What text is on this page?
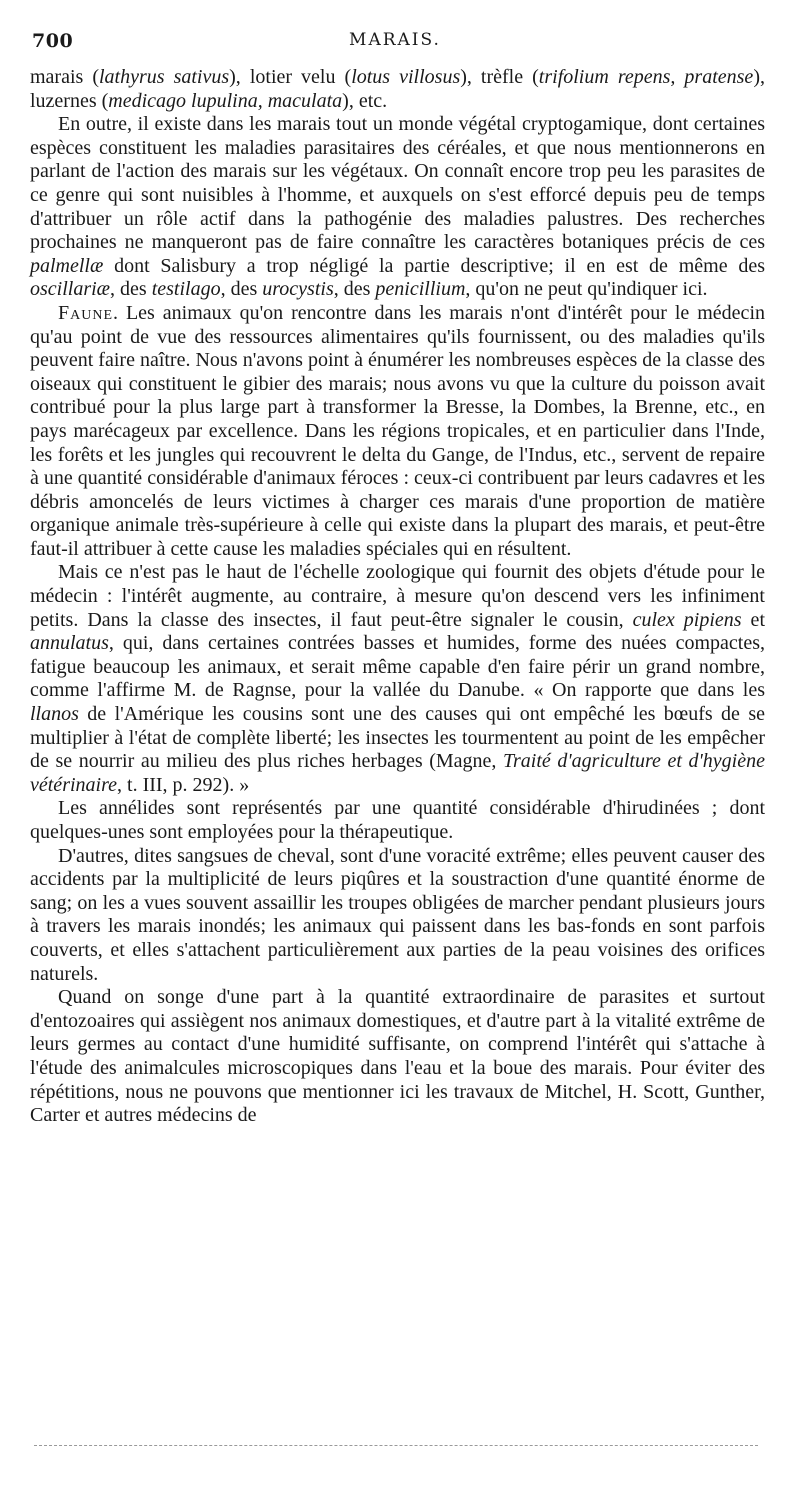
700	MARAIS.

marais (lathyrus sativus), lotier velu (lotus villosus), trèfle (trifolium repens, pratense), luzernes (medicago lupulina, maculata), etc.

En outre, il existe dans les marais tout un monde végétal cryptogamique, dont certaines espèces constituent les maladies parasitaires des céréales, et que nous mentionnerons en parlant de l'action des marais sur les végétaux. On connaît encore trop peu les parasites de ce genre qui sont nuisibles à l'homme, et auxquels on s'est efforcé depuis peu de temps d'attribuer un rôle actif dans la pathogénie des maladies palustres. Des recherches prochaines ne manqueront pas de faire connaître les caractères botaniques précis de ces palmellæ dont Salisbury a trop négligé la partie descriptive; il en est de même des oscillariæ, des testilago, des urocystis, des penicillium, qu'on ne peut qu'indiquer ici.

Faune. Les animaux qu'on rencontre dans les marais n'ont d'intérêt pour le médecin qu'au point de vue des ressources alimentaires qu'ils fournissent, ou des maladies qu'ils peuvent faire naître. Nous n'avons point à énumérer les nombreuses espèces de la classe des oiseaux qui constituent le gibier des marais; nous avons vu que la culture du poisson avait contribué pour la plus large part à transformer la Bresse, la Dombes, la Brenne, etc., en pays marécageux par excellence. Dans les régions tropicales, et en particulier dans l'Inde, les forêts et les jungles qui recouvrent le delta du Gange, de l'Indus, etc., servent de repaire à une quantité considérable d'animaux féroces : ceux-ci contribuent par leurs cadavres et les débris amoncelés de leurs victimes à charger ces marais d'une proportion de matière organique animale très-supérieure à celle qui existe dans la plupart des marais, et peut-être faut-il attribuer à cette cause les maladies spéciales qui en résultent.

Mais ce n'est pas le haut de l'échelle zoologique qui fournit des objets d'étude pour le médecin : l'intérêt augmente, au contraire, à mesure qu'on descend vers les infiniment petits. Dans la classe des insectes, il faut peut-être signaler le cousin, culex pipiens et annulatus, qui, dans certaines contrées basses et humides, forme des nuées compactes, fatigue beaucoup les animaux, et serait même capable d'en faire périr un grand nombre, comme l'affirme M. de Ragnse, pour la vallée du Danube. « On rapporte que dans les llanos de l'Amérique les cousins sont une des causes qui ont empêché les bœufs de se multiplier à l'état de complète liberté; les insectes les tourmentent au point de les empêcher de se nourrir au milieu des plus riches herbages (Magne, Traité d'agriculture et d'hygiène vétérinaire, t. III, p. 292). »

Les annélides sont représentés par une quantité considérable d'hirudinées ; dont quelques-unes sont employées pour la thérapeutique.

D'autres, dites sangsues de cheval, sont d'une voracité extrême; elles peuvent causer des accidents par la multiplicité de leurs piqûres et la soustraction d'une quantité énorme de sang; on les a vues souvent assaillir les troupes obligées de marcher pendant plusieurs jours à travers les marais inondés; les animaux qui paissent dans les bas-fonds en sont parfois couverts, et elles s'attachent particulièrement aux parties de la peau voisines des orifices naturels.

Quand on songe d'une part à la quantité extraordinaire de parasites et surtout d'entozoaires qui assiègent nos animaux domestiques, et d'autre part à la vitalité extrême de leurs germes au contact d'une humidité suffisante, on comprend l'intérêt qui s'attache à l'étude des animalcules microscopiques dans l'eau et la boue des marais. Pour éviter des répétitions, nous ne pouvons que mentionner ici les travaux de Mitchel, H. Scott, Gunther, Carter et autres médecins de
